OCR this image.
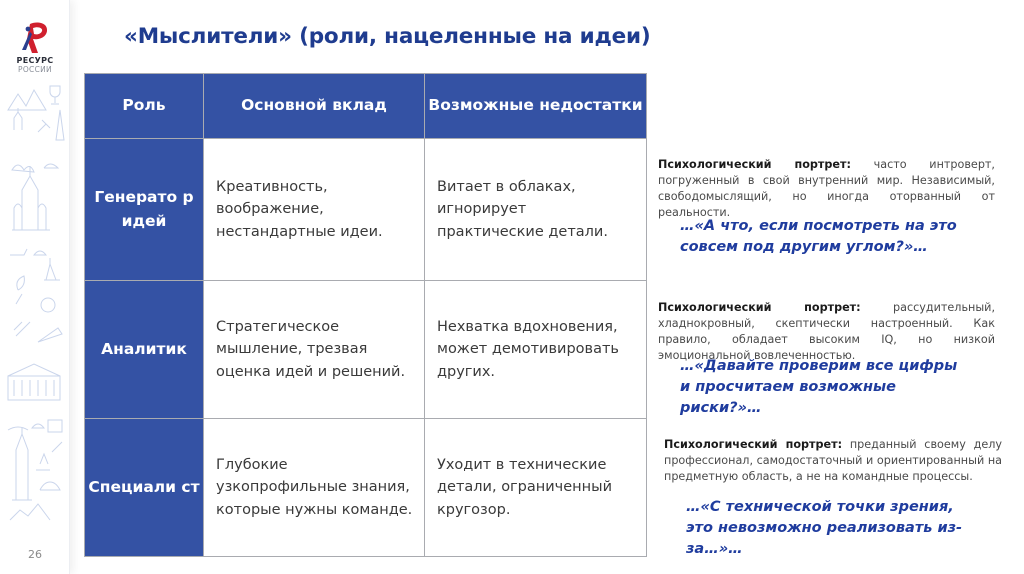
РЕСУРС
РОССИИ
26
«Мыслители» (роли, нацеленные на идеи)
Роль	Основной вклад	Возможные недостатки
Генерато р идей	Креативность, воображение, нестандартные идеи.	Витает в облаках, игнорирует практические детали.
Аналитик	Стратегическое мышление, трезвая оценка идей и решений.	Нехватка вдохновения, может демотивировать других.
Специали ст	Глубокие узкопрофильные знания, которые нужны команде.	Уходит в технические детали, ограниченный кругозор.
Психологический портрет: часто интроверт, погруженный в свой внутренний мир. Независимый, свободомыслящий, но иногда оторванный от реальности.
…«А что, если посмотреть на это совсем под другим углом?»…
Психологический портрет: рассудительный, хладнокровный, скептически настроенный. Как правило, обладает высоким IQ, но низкой эмоциональной вовлеченностью.
…«Давайте проверим все цифры и просчитаем возможные риски?»…
Психологический портрет: преданный своему делу профессионал, самодостаточный и ориентированный на предметную область, а не на командные процессы.
…«С технической точки зрения, это невозможно реализовать из-за…»…
